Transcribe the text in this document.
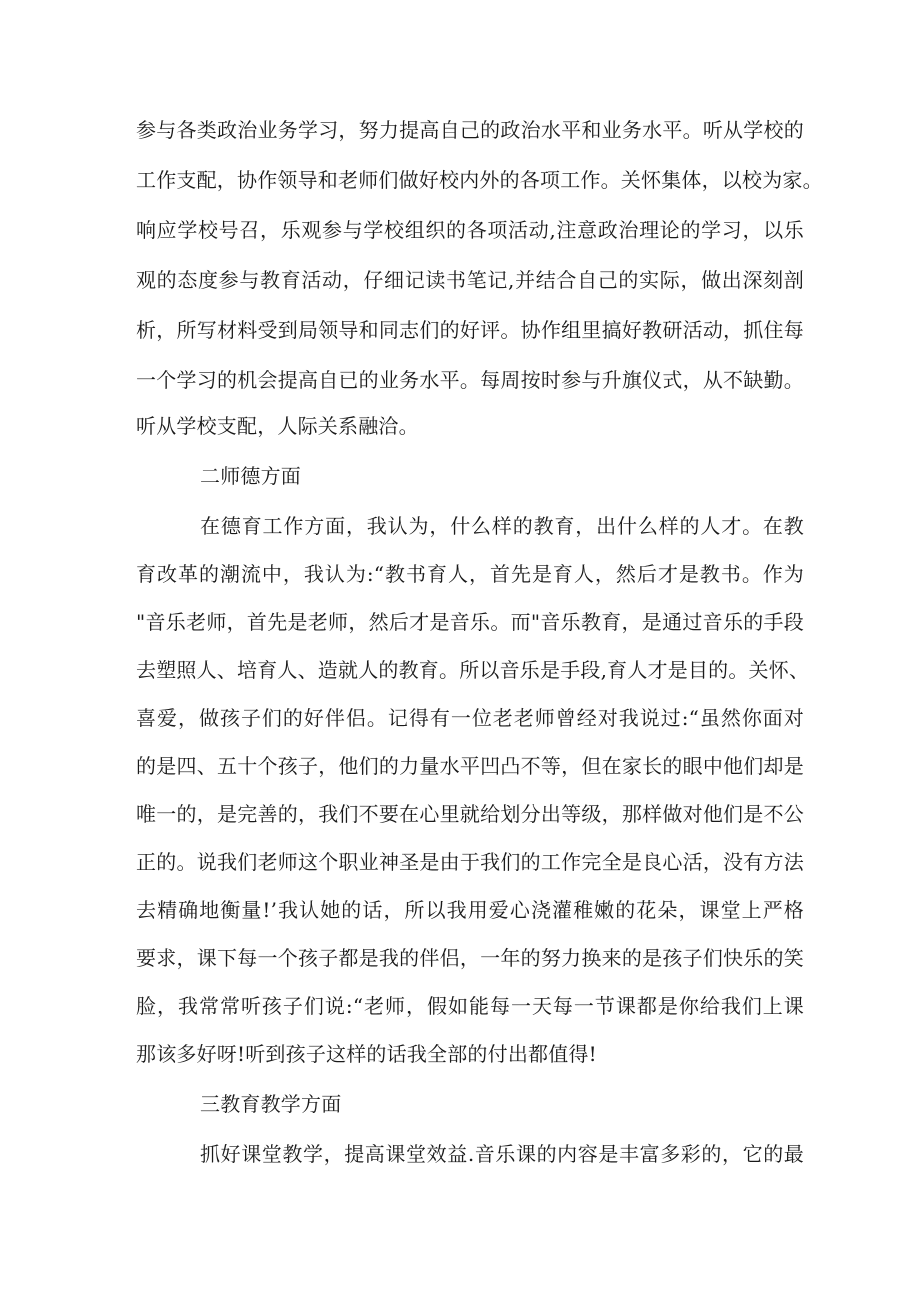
参与各类政治业务学习，努力提高自己的政治水平和业务水平。听从学校的
工作支配，协作领导和老师们做好校内外的各项工作。关怀集体，以校为家。
响应学校号召，乐观参与学校组织的各项活动,注意政治理论的学习，以乐
观的态度参与教育活动，仔细记读书笔记,并结合自己的实际，做出深刻剖
析，所写材料受到局领导和同志们的好评。协作组里搞好教研活动，抓住每
一个学习的机会提高自已的业务水平。每周按时参与升旗仪式，从不缺勤。
听从学校支配，人际关系融洽。
二师德方面
在德育工作方面，我认为，什么样的教育，出什么样的人才。在教
育改革的潮流中，我认为:“教书育人，首先是育人，然后才是教书。作为
"音乐老师，首先是老师，然后才是音乐。而"音乐教育，是通过音乐的手段
去塑照人、培育人、造就人的教育。所以音乐是手段,育人才是目的。关怀、
喜爱，做孩子们的好伴侣。记得有一位老老师曾经对我说过:“虽然你面对
的是四、五十个孩子，他们的力量水平凹凸不等，但在家长的眼中他们却是
唯一的，是完善的，我们不要在心里就给划分出等级，那样做对他们是不公
正的。说我们老师这个职业神圣是由于我们的工作完全是良心活，没有方法
去精确地衡量!’我认她的话，所以我用爱心浇灌稚嫩的花朵，课堂上严格
要求，课下每一个孩子都是我的伴侣，一年的努力换来的是孩子们快乐的笑
脸，我常常听孩子们说:“老师，假如能每一天每一节课都是你给我们上课
那该多好呀!听到孩子这样的话我全部的付出都值得!
三教育教学方面
抓好课堂教学，提高课堂效益.音乐课的内容是丰富多彩的，它的最
